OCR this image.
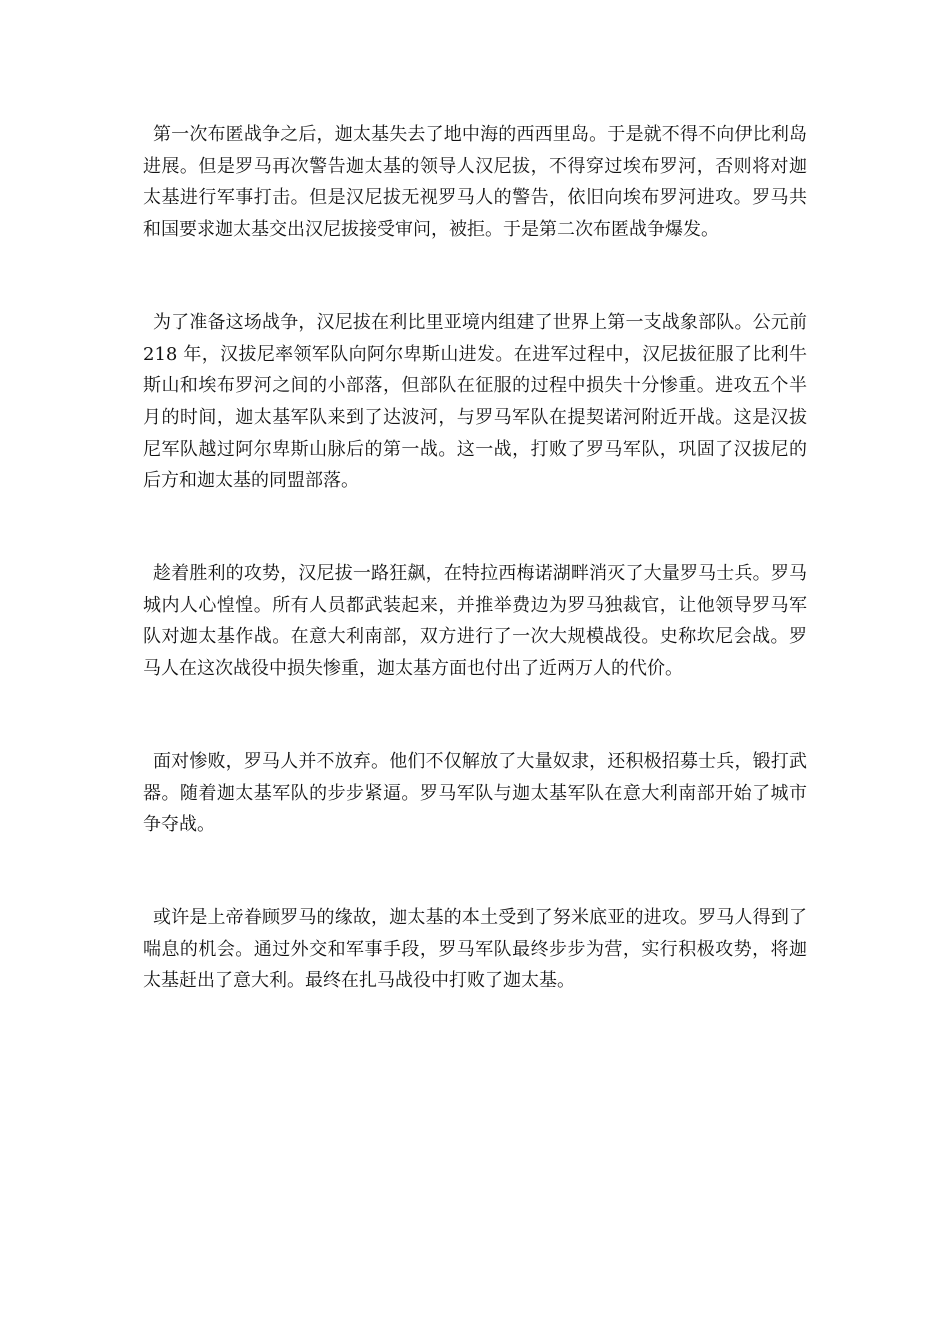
第一次布匿战争之后，迦太基失去了地中海的西西里岛。于是就不得不向伊比利岛进展。但是罗马再次警告迦太基的领导人汉尼拔，不得穿过埃布罗河，否则将对迦太基进行军事打击。但是汉尼拔无视罗马人的警告，依旧向埃布罗河进攻。罗马共和国要求迦太基交出汉尼拔接受审问，被拒。于是第二次布匿战争爆发。

为了准备这场战争，汉尼拔在利比里亚境内组建了世界上第一支战象部队。公元前 218 年，汉拔尼率领军队向阿尔卑斯山进发。在进军过程中，汉尼拔征服了比利牛斯山和埃布罗河之间的小部落，但部队在征服的过程中损失十分惨重。进攻五个半月的时间，迦太基军队来到了达波河，与罗马军队在提契诺河附近开战。这是汉拔尼军队越过阿尔卑斯山脉后的第一战。这一战，打败了罗马军队，巩固了汉拔尼的后方和迦太基的同盟部落。

趁着胜利的攻势，汉尼拔一路狂飙，在特拉西梅诺湖畔消灭了大量罗马士兵。罗马城内人心惶惶。所有人员都武装起来，并推举费边为罗马独裁官，让他领导罗马军队对迦太基作战。在意大利南部，双方进行了一次大规模战役。史称坎尼会战。罗马人在这次战役中损失惨重，迦太基方面也付出了近两万人的代价。

面对惨败，罗马人并不放弃。他们不仅解放了大量奴隶，还积极招募士兵，锻打武器。随着迦太基军队的步步紧逼。罗马军队与迦太基军队在意大利南部开始了城市争夺战。

或许是上帝眷顾罗马的缘故，迦太基的本土受到了努米底亚的进攻。罗马人得到了喘息的机会。通过外交和军事手段，罗马军队最终步步为营，实行积极攻势，将迦太基赶出了意大利。最终在扎马战役中打败了迦太基。
